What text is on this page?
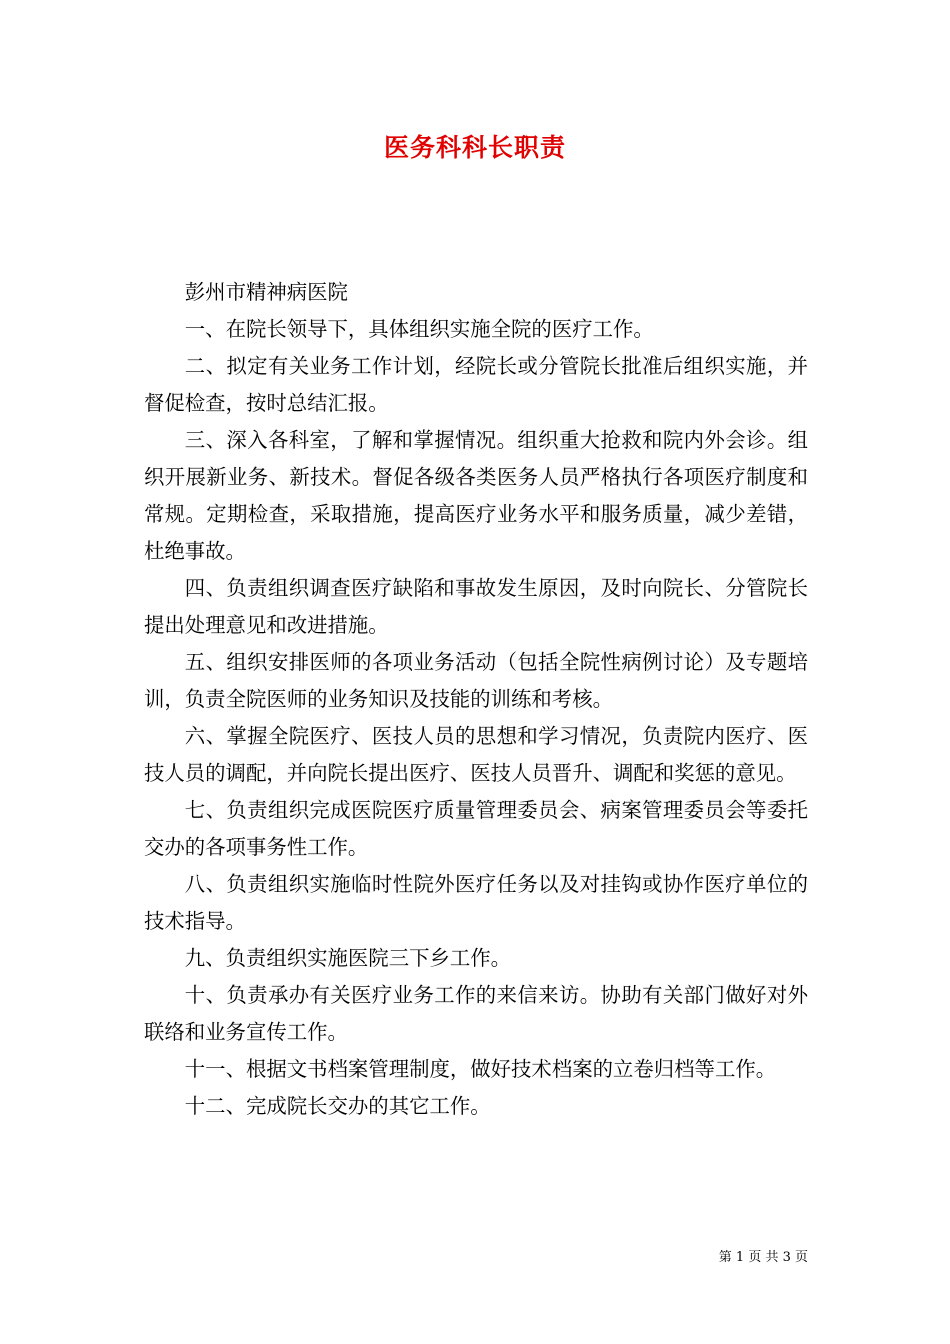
医务科科长职责

彭州市精神病医院

一、在院长领导下，具体组织实施全院的医疗工作。

二、拟定有关业务工作计划，经院长或分管院长批准后组织实施，并督促检查，按时总结汇报。

三、深入各科室，了解和掌握情况。组织重大抢救和院内外会诊。组织开展新业务、新技术。督促各级各类医务人员严格执行各项医疗制度和常规。定期检查，采取措施，提高医疗业务水平和服务质量，减少差错，杜绝事故。

四、负责组织调查医疗缺陷和事故发生原因，及时向院长、分管院长提出处理意见和改进措施。

五、组织安排医师的各项业务活动（包括全院性病例讨论）及专题培训，负责全院医师的业务知识及技能的训练和考核。

六、掌握全院医疗、医技人员的思想和学习情况，负责院内医疗、医技人员的调配，并向院长提出医疗、医技人员晋升、调配和奖惩的意见。

七、负责组织完成医院医疗质量管理委员会、病案管理委员会等委托交办的各项事务性工作。

八、负责组织实施临时性院外医疗任务以及对挂钩或协作医疗单位的技术指导。

九、负责组织实施医院三下乡工作。

十、负责承办有关医疗业务工作的来信来访。协助有关部门做好对外联络和业务宣传工作。

十一、根据文书档案管理制度，做好技术档案的立卷归档等工作。

十二、完成院长交办的其它工作。

第 1 页 共 3 页
